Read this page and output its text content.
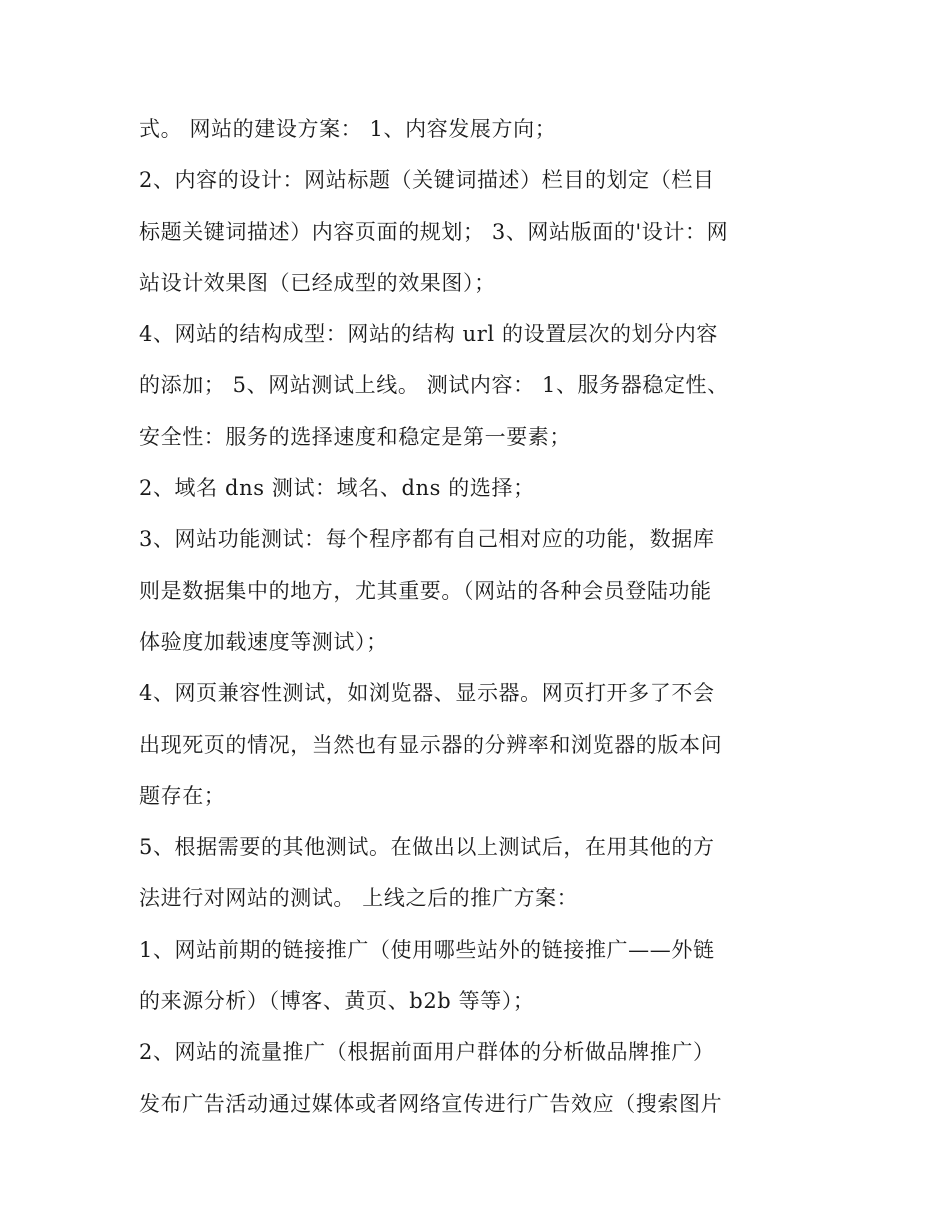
式。 网站的建设方案： 1、内容发展方向；
2、内容的设计：网站标题（关键词描述）栏目的划定（栏目
标题关键词描述）内容页面的规划； 3、网站版面的'设计：网
站设计效果图（已经成型的效果图）；
4、网站的结构成型：网站的结构 url 的设置层次的划分内容
的添加； 5、网站测试上线。 测试内容： 1、服务器稳定性、
安全性：服务的选择速度和稳定是第一要素；
2、域名 dns 测试：域名、dns 的选择；
3、网站功能测试：每个程序都有自己相对应的功能，数据库
则是数据集中的地方，尤其重要。（网站的各种会员登陆功能
体验度加载速度等测试）；
4、网页兼容性测试，如浏览器、显示器。网页打开多了不会
出现死页的情况，当然也有显示器的分辨率和浏览器的版本问
题存在；
5、根据需要的其他测试。在做出以上测试后，在用其他的方
法进行对网站的测试。 上线之后的推广方案：
1、网站前期的链接推广（使用哪些站外的链接推广——外链
的来源分析）（博客、黄页、b2b 等等）；
2、网站的流量推广（根据前面用户群体的分析做品牌推广）
发布广告活动通过媒体或者网络宣传进行广告效应（搜索图片
